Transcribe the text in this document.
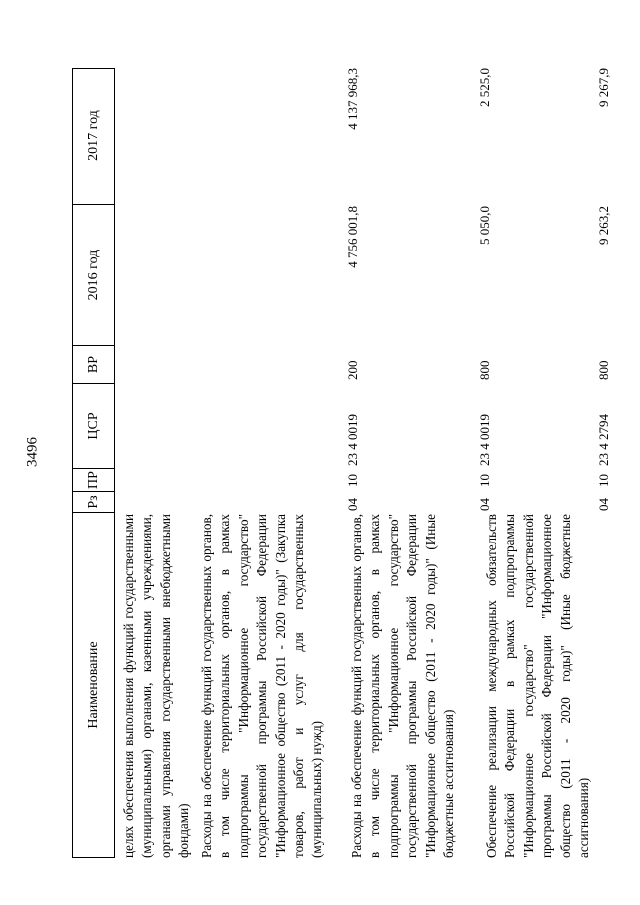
3496
Наименование
Рз
ПР
ЦСР
ВР
2016 год
2017 год
целях обеспечения выполнения функций государственными (муниципальными) органами, казенными учреждениями, органами управления государственными внебюджетными фондами) Расходы на обеспечение функций государственных органов, в том числе территориальных органов, в рамках подпрограммы "Информационное государство" государственной программы Российской Федерации "Информационное общество (2011 - 2020 годы)" (Закупка товаров, работ и услуг для государственных (муниципальных) нужд)
04
10
23 4 0019
200
4 756 001,8
4 137 968,3
Расходы на обеспечение функций государственных органов, в том числе территориальных органов, в рамках подпрограммы "Информационное государство" государственной программы Российской Федерации "Информационное общество (2011 - 2020 годы)" (Иные бюджетные ассигнования)
04
10
23 4 0019
800
5 050,0
2 525,0
Обеспечение реализации международных обязательств Российской Федерации в рамках подпрограммы "Информационное государство" государственной программы Российской Федерации "Информационное общество (2011 - 2020 годы)" (Иные бюджетные ассигнования)
04
10
23 4 2794
800
9 263,2
9 267,9
